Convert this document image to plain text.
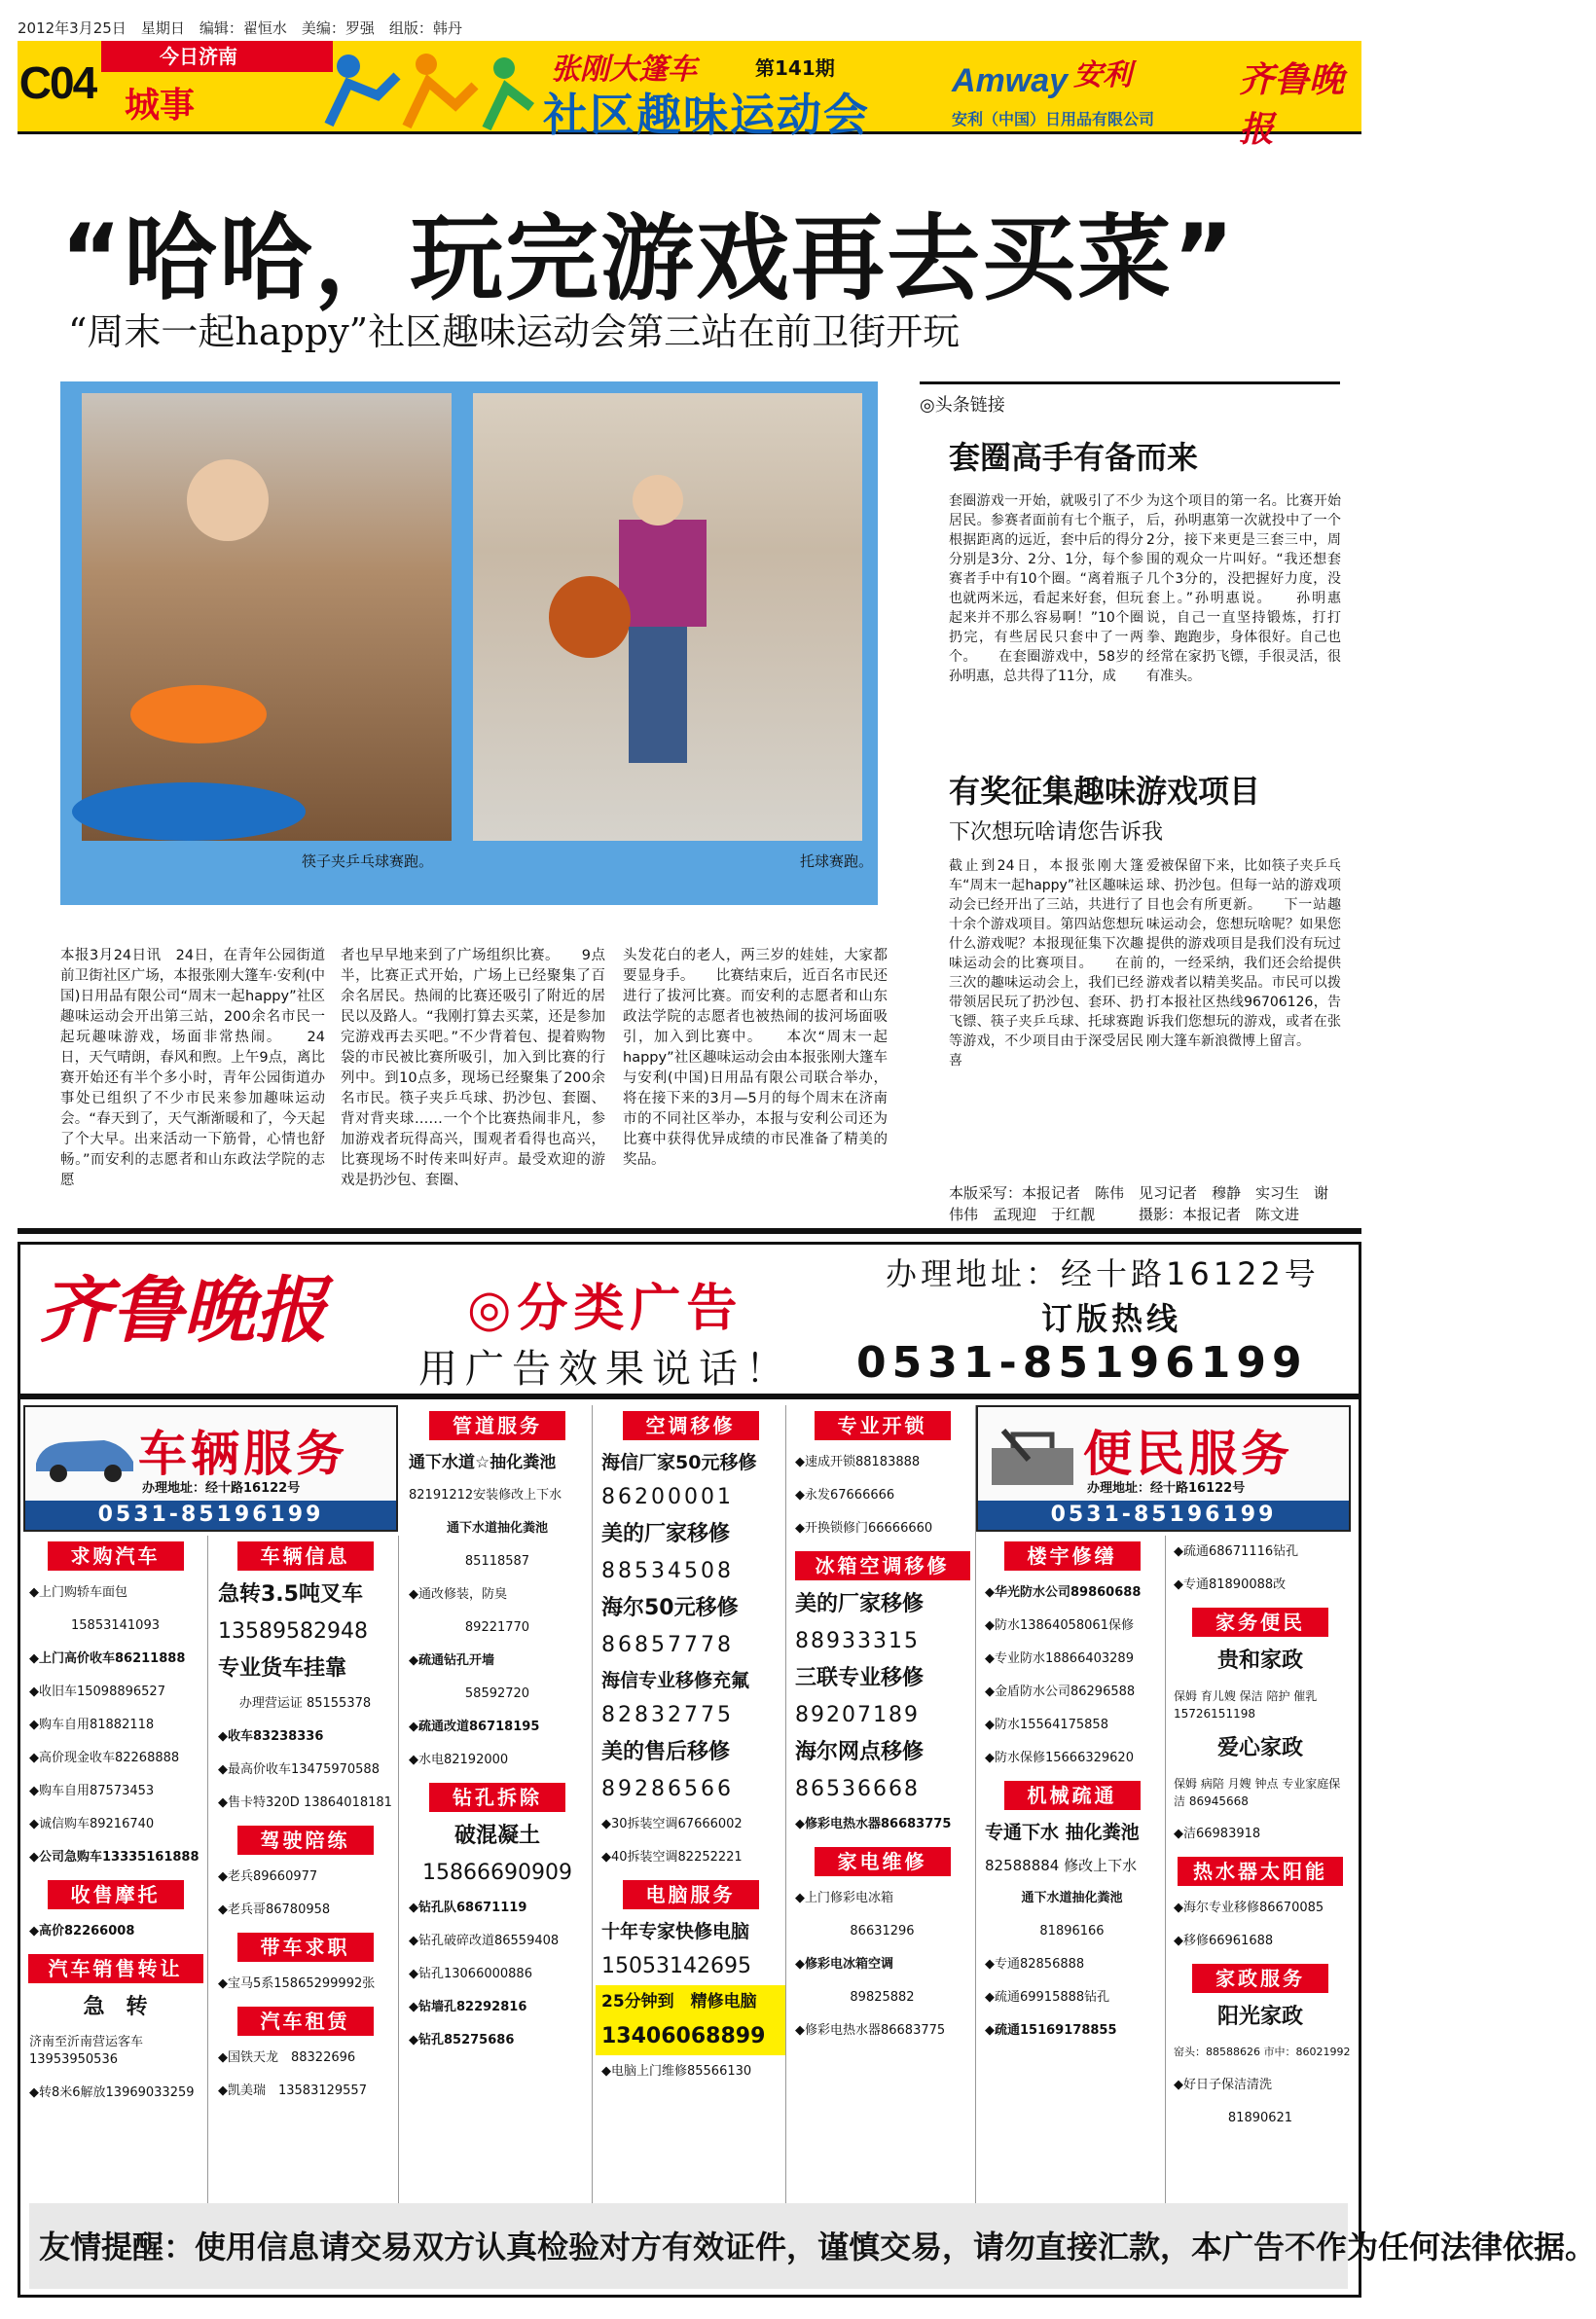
2012年3月25日　 星期日　 编辑：翟恒水　 美编：罗强　 组版：韩丹
C04
今日济南
城事
张刚大篷车	第141期
社区趣味运动会
Amway 安利
安利（中国）日用品有限公司
齐鲁晚报
“哈哈，玩完游戏再去买菜”
“周末一起happy”社区趣味运动会第三站在前卫街开玩
筷子夹乒乓球赛跑。	托球赛跑。
本报3月24日讯　24日，在青年公园街道前卫街社区广场，本报张刚大篷车·安利(中国)日用品有限公司“周末一起happy”社区趣味运动会开出第三站，200余名市民一起玩趣味游戏，场面非常热闹。　　24日，天气晴朗，春风和煦。上午9点，离比赛开始还有半个多小时，青年公园街道办事处已组织了不少市民来参加趣味运动会。“春天到了，天气渐渐暖和了，今天起了个大早。出来活动一下筋骨，心情也舒畅。”而安利的志愿者和山东政法学院的志愿
者也早早地来到了广场组织比赛。　　9点半，比赛正式开始，广场上已经聚集了百余名居民。热闹的比赛还吸引了附近的居民以及路人。“我刚打算去买菜，还是参加完游戏再去买吧。”不少背着包、提着购物袋的市民被比赛所吸引，加入到比赛的行列中。到10点多，现场已经聚集了200余名市民。筷子夹乒乓球、扔沙包、套圈、背对背夹球……一个个比赛热闹非凡，参加游戏者玩得高兴，围观者看得也高兴，比赛现场不时传来叫好声。最受欢迎的游戏是扔沙包、套圈、
头发花白的老人，两三岁的娃娃，大家都要显身手。　　比赛结束后，近百名市民还进行了拔河比赛。而安利的志愿者和山东政法学院的志愿者也被热闹的拔河场面吸引，加入到比赛中。　　本次“周末一起happy”社区趣味运动会由本报张刚大篷车与安利(中国)日用品有限公司联合举办，将在接下来的3月—5月的每个周末在济南市的不同社区举办，本报与安利公司还为比赛中获得优异成绩的市民准备了精美的奖品。
◎头条链接
套圈高手有备而来
套圈游戏一开始，就吸引了不少居民。参赛者面前有七个瓶子，根据距离的远近，套中后的得分分别是3分、2分、1分，每个参赛者手中有10个圈。“离着瓶子也就两米远，看起来好套，但玩起来并不那么容易啊！”10个圈扔完，有些居民只套中了一两个。　　在套圈游戏中，58岁的孙明惠，总共得了11分，成
为这个项目的第一名。比赛开始后，孙明惠第一次就投中了一个2分，接下来更是三套三中，周围的观众一片叫好。“我还想套几个3分的，没把握好力度，没套上。”孙明惠说。　　孙明惠说，自己一直坚持锻炼，打打拳、跑跑步，身体很好。自己也经常在家扔飞镖，手很灵活，很有准头。
有奖征集趣味游戏项目
下次想玩啥请您告诉我
截止到24日，本报张刚大篷车“周末一起happy”社区趣味运动会已经开出了三站，共进行了十余个游戏项目。第四站您想玩什么游戏呢？本报现征集下次趣味运动会的比赛项目。　　在前三次的趣味运动会上，我们已经带领居民玩了扔沙包、套环、扔飞镖、筷子夹乒乓球、托球赛跑等游戏，不少项目由于深受居民喜
爱被保留下来，比如筷子夹乒乓球、扔沙包。但每一站的游戏项目也会有所更新。　　下一站趣味运动会，您想玩啥呢？如果您提供的游戏项目是我们没有玩过的，一经采纳，我们还会给提供游戏者以精美奖品。市民可以拨打本报社区热线96706126，告诉我们您想玩的游戏，或者在张刚大篷车新浪微博上留言。
本版采写：本报记者　陈伟　见习记者　穆静　实习生　谢伟伟　孟现迎　于红靓　　　摄影：本报记者　陈文进
齐鲁晚报	◎分类广告
办理地址：经十路16122号
订版热线
用广告效果说话！ 0531-85196199
车辆服务
办理地址：经十路16122号
0531-85196199
便民服务
办理地址：经十路16122号
0531-85196199
求购汽车
◆上门购轿车面包
15853141093
◆上门高价收车86211888
◆收旧车15098896527
◆购车自用81882118
◆高价现金收车82268888
◆购车自用87573453
◆诚信购车89216740
◆公司急购车13335161888
收售摩托
◆高价82266008
汽车销售转让
急　转
济南至沂南营运客车13953950536
◆转8米6解放13969033259
车辆信息
急转3.5吨叉车
13589582948
专业货车挂靠
办理营运证 85155378
◆收车83238336
◆最高价收车13475970588
◆售卡特320D 13864018181
驾驶陪练
◆老兵89660977
◆老兵哥86780958
带车求职
◆宝马5系15865299992张
汽车租赁
◆国铁天龙　88322696
◆凯美瑞　13583129557
管道服务
通下水道☆抽化粪池
82191212安装修改上下水
通下水道抽化粪池
85118587
◆通改修装，防臭
89221770
◆疏通钻孔开墙
58592720
◆疏通改道86718195
◆水电82192000
钻孔拆除
破混凝土
15866690909
◆钻孔队68671119
◆钻孔破碎改道86559408
◆钻孔13066000886
◆钻墙孔82292816
◆钻孔85275686
空调移修
海信厂家50元移修
86200001
美的厂家移修
88534508
海尔50元移修
86857778
海信专业移修充氟
82832775
美的售后移修
89286566
◆30拆装空调67666002
◆40拆装空调82252221
电脑服务
十年专家快修电脑
15053142695
25分钟到　精修电脑
13406068899
◆电脑上门维修85566130
专业开锁
◆速成开锁88183888
◆永发67666666
◆开换锁修门66666660
冰箱空调移修
美的厂家移修
88933315
三联专业移修
89207189
海尔网点移修
86536668
◆修彩电热水器86683775
家电维修
◆上门修彩电冰箱
86631296
◆修彩电冰箱空调
89825882
◆修彩电热水器86683775
楼宇修缮
◆华光防水公司89860688
◆防水13864058061保修
◆专业防水18866403289
◆金盾防水公司86296588
◆防水15564175858
◆防水保修15666329620
机械疏通
专通下水 抽化粪池
82588884 修改上下水
通下水道抽化粪池
81896166
◆专通82856888
◆疏通69915888钻孔
◆疏通15169178855
◆疏通68671116钻孔
◆专通81890088改
家务便民
贵和家政
保姆 育儿嫂 保洁 陪护 催乳 15726151198
爱心家政
保姆 病陪 月嫂 钟点 专业家庭保洁 86945668
◆洁66983918
热水器太阳能
◆海尔专业移修86670085
◆移修66961688
家政服务
阳光家政
窑头：88588626 市中：86021992
◆好日子保洁清洗
81890621
友情提醒：使用信息请交易双方认真检验对方有效证件，谨慎交易，请勿直接汇款，本广告不作为任何法律依据。
